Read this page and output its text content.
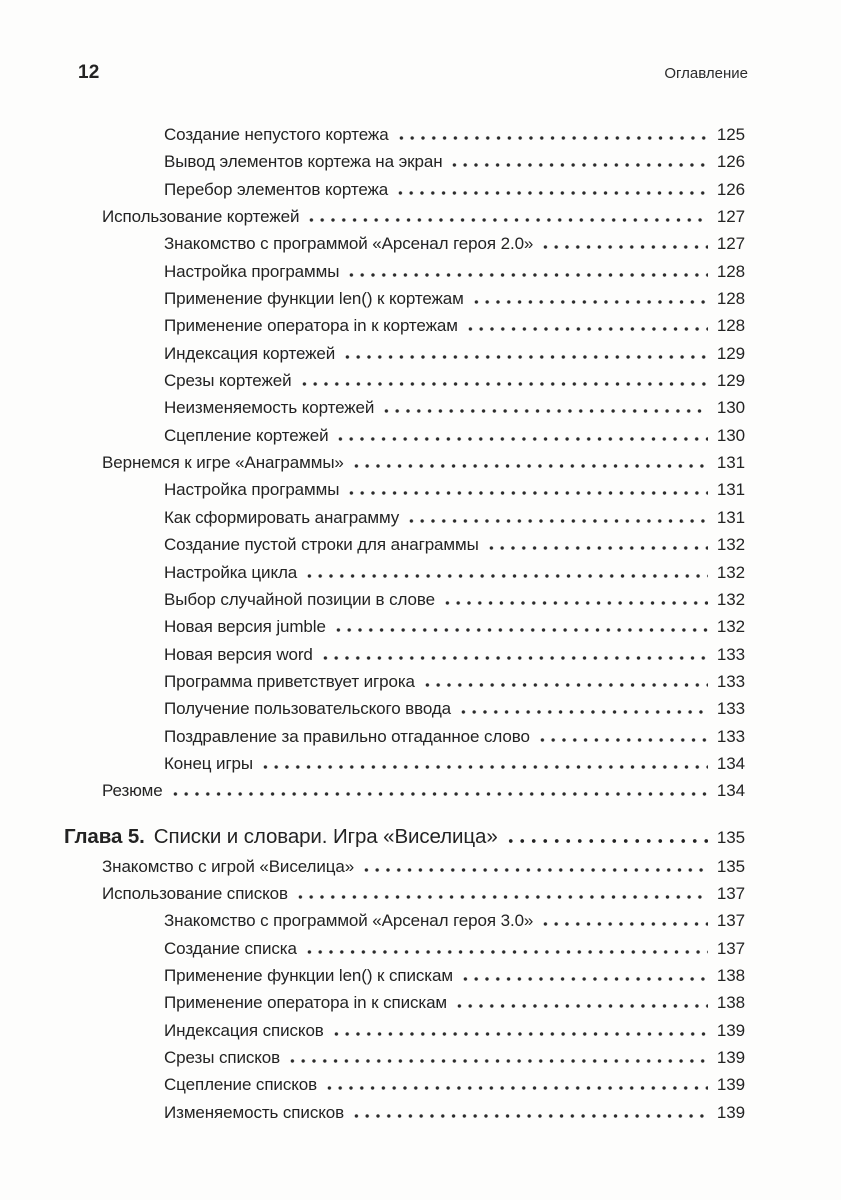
12	Оглавление
Создание непустого кортежа	125
Вывод элементов кортежа на экран	126
Перебор элементов кортежа	126
Использование кортежей	127
Знакомство с программой «Арсенал героя 2.0»	127
Настройка программы	128
Применение функции len() к кортежам	128
Применение оператора in к кортежам	128
Индексация кортежей	129
Срезы кортежей	129
Неизменяемость кортежей	130
Сцепление кортежей	130
Вернемся к игре «Анаграммы»	131
Настройка программы	131
Как сформировать анаграмму	131
Создание пустой строки для анаграммы	132
Настройка цикла	132
Выбор случайной позиции в слове	132
Новая версия jumble	132
Новая версия word	133
Программа приветствует игрока	133
Получение пользовательского ввода	133
Поздравление за правильно отгаданное слово	133
Конец игры	134
Резюме	134
Глава 5. Списки и словари. Игра «Виселица»	135
Знакомство с игрой «Виселица»	135
Использование списков	137
Знакомство с программой «Арсенал героя 3.0»	137
Создание списка	137
Применение функции len() к спискам	138
Применение оператора in к спискам	138
Индексация списков	139
Срезы списков	139
Сцепление списков	139
Изменяемость списков	139
